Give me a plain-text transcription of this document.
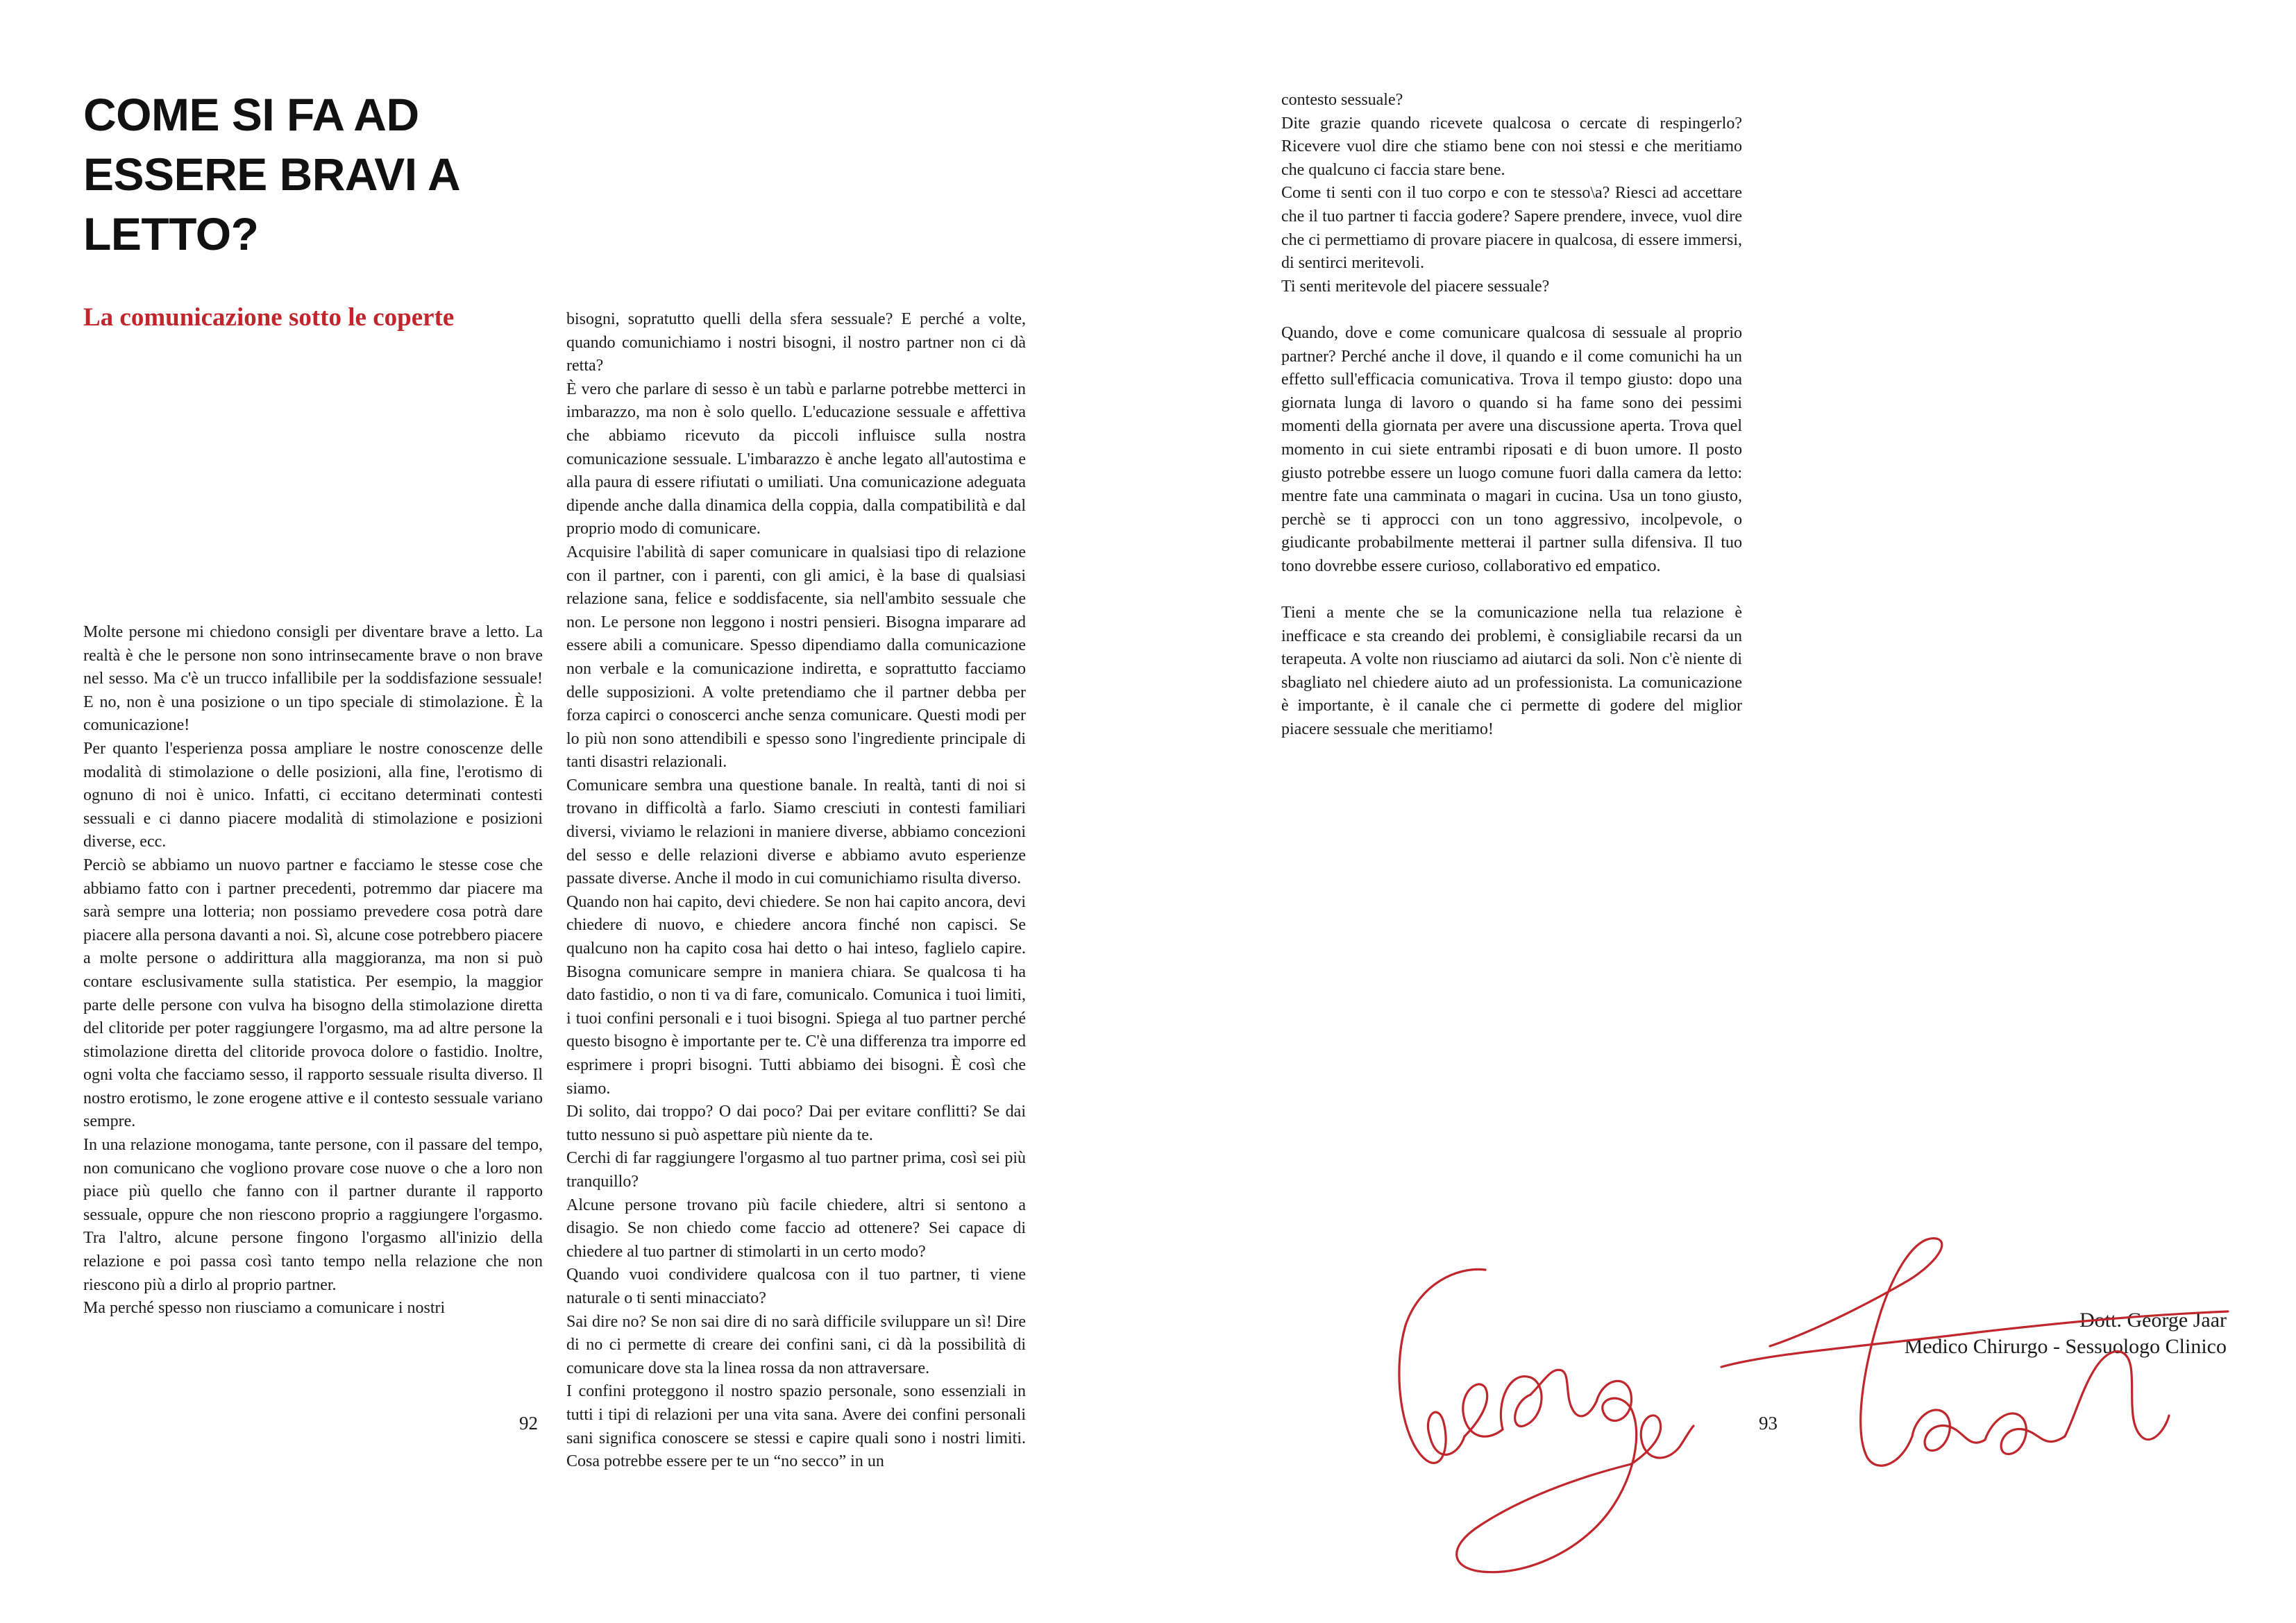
COME SI FA AD ESSERE BRAVI A LETTO?
La comunicazione sotto le coperte

Molte persone mi chiedono consigli per diventare brave a letto. La realtà è che le persone non sono intrinsecamente brave o non brave nel sesso. Ma c'è un trucco infallibile per la soddisfazione sessuale! E no, non è una posizione o un tipo speciale di stimolazione. È la comunicazione!

Per quanto l'esperienza possa ampliare le nostre conoscenze delle modalità di stimolazione o delle posizioni, alla fine, l'erotismo di ognuno di noi è unico. Infatti, ci eccitano determinati contesti sessuali e ci danno piacere modalità di stimolazione e posizioni diverse, ecc.

Perciò se abbiamo un nuovo partner e facciamo le stesse cose che abbiamo fatto con i partner precedenti, potremmo dar piacere ma sarà sempre una lotteria; non possiamo prevedere cosa potrà dare piacere alla persona davanti a noi. Sì, alcune cose potrebbero piacere a molte persone o addirittura alla maggioranza, ma non si può contare esclusivamente sulla statistica. Per esempio, la maggior parte delle persone con vulva ha bisogno della stimolazione diretta del clitoride per poter raggiungere l'orgasmo, ma ad altre persone la stimolazione diretta del clitoride provoca dolore o fastidio. Inoltre, ogni volta che facciamo sesso, il rapporto sessuale risulta diverso. Il nostro erotismo, le zone erogene attive e il contesto sessuale variano sempre.

In una relazione monogama, tante persone, con il passare del tempo, non comunicano che vogliono provare cose nuove o che a loro non piace più quello che fanno con il partner durante il rapporto sessuale, oppure che non riescono proprio a raggiungere l'orgasmo. Tra l'altro, alcune persone fingono l'orgasmo all'inizio della relazione e poi passa così tanto tempo nella relazione che non riescono più a dirlo al proprio partner.

Ma perché spesso non riusciamo a comunicare i nostri

bisogni, sopratutto quelli della sfera sessuale? E perché a volte, quando comunichiamo i nostri bisogni, il nostro partner non ci dà retta?

È vero che parlare di sesso è un tabù e parlarne potrebbe metterci in imbarazzo, ma non è solo quello. L'educazione sessuale e affettiva che abbiamo ricevuto da piccoli influisce sulla nostra comunicazione sessuale. L'imbarazzo è anche legato all'autostima e alla paura di essere rifiutati o umiliati. Una comunicazione adeguata dipende anche dalla dinamica della coppia, dalla compatibilità e dal proprio modo di comunicare.

Acquisire l'abilità di saper comunicare in qualsiasi tipo di relazione con il partner, con i parenti, con gli amici, è la base di qualsiasi relazione sana, felice e soddisfacente, sia nell'ambito sessuale che non. Le persone non leggono i nostri pensieri. Bisogna imparare ad essere abili a comunicare. Spesso dipendiamo dalla comunicazione non verbale e la comunicazione indiretta, e soprattutto facciamo delle supposizioni. A volte pretendiamo che il partner debba per forza capirci o conoscerci anche senza comunicare. Questi modi per lo più non sono attendibili e spesso sono l'ingrediente principale di tanti disastri relazionali.

Comunicare sembra una questione banale. In realtà, tanti di noi si trovano in difficoltà a farlo. Siamo cresciuti in contesti familiari diversi, viviamo le relazioni in maniere diverse, abbiamo concezioni del sesso e delle relazioni diverse e abbiamo avuto esperienze passate diverse. Anche il modo in cui comunichiamo risulta diverso.

Quando non hai capito, devi chiedere. Se non hai capito ancora, devi chiedere di nuovo, e chiedere ancora finché non capisci. Se qualcuno non ha capito cosa hai detto o hai inteso, faglielo capire. Bisogna comunicare sempre in maniera chiara. Se qualcosa ti ha dato fastidio, o non ti va di fare, comunicalo. Comunica i tuoi limiti, i tuoi confini personali e i tuoi bisogni. Spiega al tuo partner perché questo bisogno è importante per te. C'è una differenza tra imporre ed esprimere i propri bisogni. Tutti abbiamo dei bisogni. È così che siamo.

Di solito, dai troppo? O dai poco? Dai per evitare conflitti? Se dai tutto nessuno si può aspettare più niente da te.

Cerchi di far raggiungere l'orgasmo al tuo partner prima, così sei più tranquillo?

Alcune persone trovano più facile chiedere, altri si sentono a disagio. Se non chiedo come faccio ad ottenere? Sei capace di chiedere al tuo partner di stimolarti in un certo modo?

Quando vuoi condividere qualcosa con il tuo partner, ti viene naturale o ti senti minacciato?

Sai dire no? Se non sai dire di no sarà difficile sviluppare un sì! Dire di no ci permette di creare dei confini sani, ci dà la possibilità di comunicare dove sta la linea rossa da non attraversare.

I confini proteggono il nostro spazio personale, sono essenziali in tutti i tipi di relazioni per una vita sana. Avere dei confini personali sani significa conoscere se stessi e capire quali sono i nostri limiti. Cosa potrebbe essere per te un “no secco” in un

92

contesto sessuale?

Dite grazie quando ricevete qualcosa o cercate di respingerlo? Ricevere vuol dire che stiamo bene con noi stessi e che meritiamo che qualcuno ci faccia stare bene.

Come ti senti con il tuo corpo e con te stesso\a? Riesci ad accettare che il tuo partner ti faccia godere? Sapere prendere, invece, vuol dire che ci permettiamo di provare piacere in qualcosa, di essere immersi, di sentirci meritevoli.

Ti senti meritevole del piacere sessuale?

Quando, dove e come comunicare qualcosa di sessuale al proprio partner? Perché anche il dove, il quando e il come comunichi ha un effetto sull'efficacia comunicativa. Trova il tempo giusto: dopo una giornata lunga di lavoro o quando si ha fame sono dei pessimi momenti della giornata per avere una discussione aperta. Trova quel momento in cui siete entrambi riposati e di buon umore. Il posto giusto potrebbe essere un luogo comune fuori dalla camera da letto: mentre fate una camminata o magari in cucina. Usa un tono giusto, perchè se ti approcci con un tono aggressivo, incolpevole, o giudicante probabilmente metterai il partner sulla difensiva. Il tuo tono dovrebbe essere curioso, collaborativo ed empatico.

Tieni a mente che se la comunicazione nella tua relazione è inefficace e sta creando dei problemi, è consigliabile recarsi da un terapeuta. A volte non riusciamo ad aiutarci da soli. Non c'è niente di sbagliato nel chiedere aiuto ad un professionista. La comunicazione è importante, è il canale che ci permette di godere del miglior piacere sessuale che meritiamo!

93
Dott. George Jaar
Medico Chirurgo - Sessuologo Clinico
